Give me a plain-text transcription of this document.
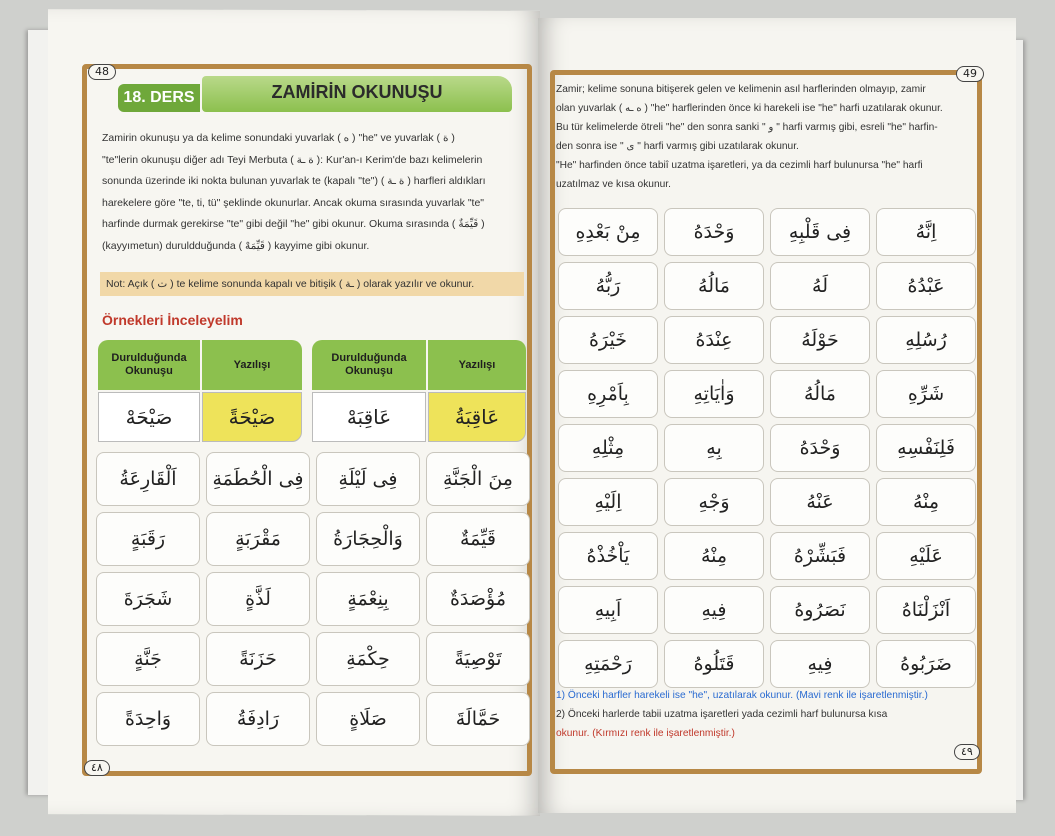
48
٤٨
49
٤٩
18. DERS	ZAMİRİN OKUNUŞU
Zamirin okunuşu ya da kelime sonundaki yuvarlak ( ه ) "he" ve yuvarlak ( ة )
"te"lerin okunuşu diğer adı Teyi Merbuta ( ة ـة ): Kur'an-ı Kerim'de bazı kelimelerin
sonunda üzerinde iki nokta bulunan yuvarlak te (kapalı "te") ( ة ـة ) harfleri aldıkları
harekelere göre "te, ti, tü" şeklinde okunurlar. Ancak okuma sırasında yuvarlak "te"
harfinde durmak gerekirse "te" gibi değil "he" gibi okunur. Okuma sırasında ( قَيِّمَةٌ )
(kayyımetun) duruldduğunda ( قَيِّمَهْ ) kayyime gibi okunur.
Not: Açık ( ت ) te kelime sonunda kapalı ve bitişik ( ـة ) olarak yazılır ve okunur.
Örnekleri İnceleyelim
Durulduğunda Okunuşu
Yazılışı
صَيْحَهْ	صَيْحَةً
Durulduğunda Okunuşu
Yazılışı
عَاقِبَهْ	عَاقِبَةُ
اَلْقَارِعَةُ	فِى الْحُطَمَةِ	فِى لَيْلَةِ	مِنَ الْجَنَّةِ
رَقَبَةٍ	مَقْرَبَةٍ	وَالْحِجَارَةُ	قَيِّمَةٌ
شَجَرَةَ	لَذَّةٍ	بِنِعْمَةٍ	مُؤْصَدَةٌ
جَنَّةٍ	حَزَنَةً	حِكْمَةِ	تَوْصِيَةً
وَاحِدَةً	رَادِفَةُ	صَلَاةٍ	حَمَّالَةَ
Zamir; kelime sonuna bitişerek gelen ve kelimenin asıl harflerinden olmayıp, zamir
olan yuvarlak ( ه ـه ) "he" harflerinden önce ki harekeli ise "he" harfi uzatılarak okunur.
Bu tür kelimelerde ötreli "he" den sonra sanki " و " harfi varmış gibi, esreli "he" harfin-
den sonra ise " ى " harfi varmış gibi uzatılarak okunur.
"He" harfinden önce tabiî uzatma işaretleri, ya da cezimli harf bulunursa "he" harfi
uzatılmaz ve kısa okunur.
مِنْ بَعْدِهِ	وَحْدَهُ	فِى قَلْبِهِ	اِنَّهُ
رَبُّهُ	مَالُهُ	لَهُ	عَبْدُهُ
خَيْرَهُ	عِنْدَهُ	حَوْلَهُ	رُسُلِهِ
بِاَمْرِهِ	وَاٰيَاتِهِ	مَالُهُ	شَرِّهِ
مِثْلِهِ	بِهِ	وَحْدَهُ	فَلِنَفْسِهِ
اِلَيْهِ	وَجْهِ	عَنْهُ	مِنْهُ
يَاْخُذْهُ	مِنْهُ	فَبَشِّرْهُ	عَلَيْهِ
اَبِيهِ	فِيهِ	نَصَرُوهُ	اَنْزَلْنَاهُ
رَحْمَتِهِ	قَتَلُوهُ	فِيهِ	ضَرَبُوهُ
1) Önceki harfler harekeli ise "he", uzatılarak okunur. (Mavi renk ile işaretlenmiştir.)
2) Önceki harlerde tabii uzatma işaretleri yada cezimli harf bulunursa kısa
okunur. (Kırmızı renk ile işaretlenmiştir.)
